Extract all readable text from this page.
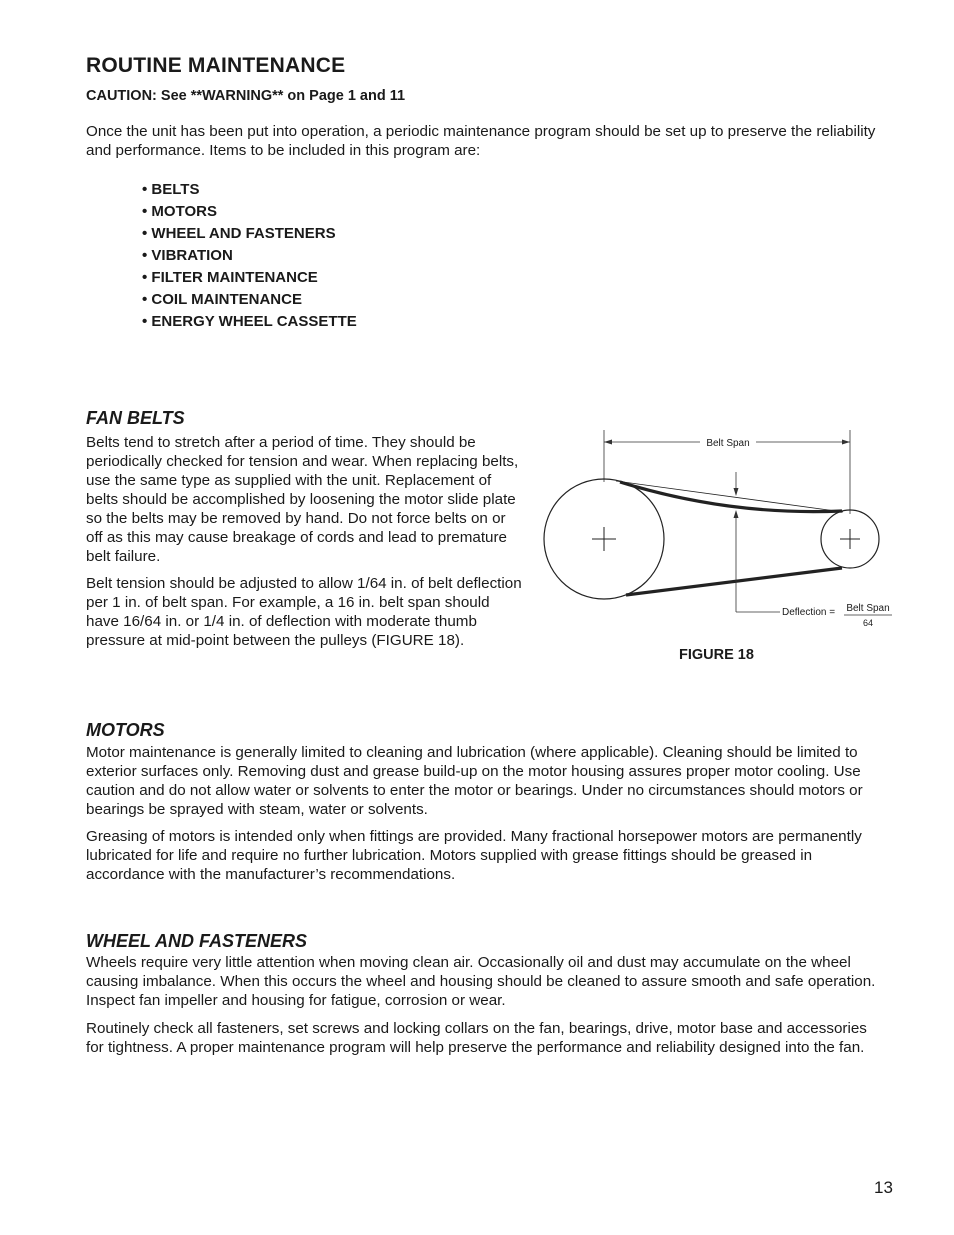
ROUTINE MAINTENANCE
CAUTION: See **WARNING** on Page 1 and 11

Once the unit has been put into operation, a periodic maintenance program should be set up to preserve the reliability and performance. Items to be included in this program are:

• BELTS
• MOTORS
• WHEEL AND FASTENERS
• VIBRATION
• FILTER MAINTENANCE
• COIL MAINTENANCE
• ENERGY WHEEL CASSETTE
FAN BELTS

Belts tend to stretch after a period of time. They should be periodically checked for tension and wear. When replacing belts, use the same type as supplied with the unit. Replacement of belts should be accomplished by loosening the motor slide plate so the belts may be removed by hand. Do not force belts on or off as this may cause breakage of cords and lead to premature belt failure.

Belt tension should be adjusted to allow 1/64 in. of belt deflection per 1 in. of belt span. For example, a 16 in. belt span should have 16/64 in. or 1/4 in. of deflection with moderate thumb pressure at mid-point between the pulleys (FIGURE 18).

Belt Span
Deflection = Belt Span
64
FIGURE 18
MOTORS

Motor maintenance is generally limited to cleaning and lubrication (where applicable). Cleaning should be limited to exterior surfaces only. Removing dust and grease build-up on the motor housing assures proper motor cooling. Use caution and do not allow water or solvents to enter the motor or bearings. Under no circumstances should motors or bearings be sprayed with steam, water or solvents.

Greasing of motors is intended only when fittings are provided. Many fractional horsepower motors are permanently lubricated for life and require no further lubrication. Motors supplied with grease fittings should be greased in accordance with the manufacturer’s recommendations.

WHEEL AND FASTENERS

Wheels require very little attention when moving clean air. Occasionally oil and dust may accumulate on the wheel causing imbalance. When this occurs the wheel and housing should be cleaned to assure smooth and safe operation. Inspect fan impeller and housing for fatigue, corrosion or wear.

Routinely check all fasteners, set screws and locking collars on the fan, bearings, drive, motor base and accessories for tightness. A proper maintenance program will help preserve the performance and reliability designed into the fan.

13
